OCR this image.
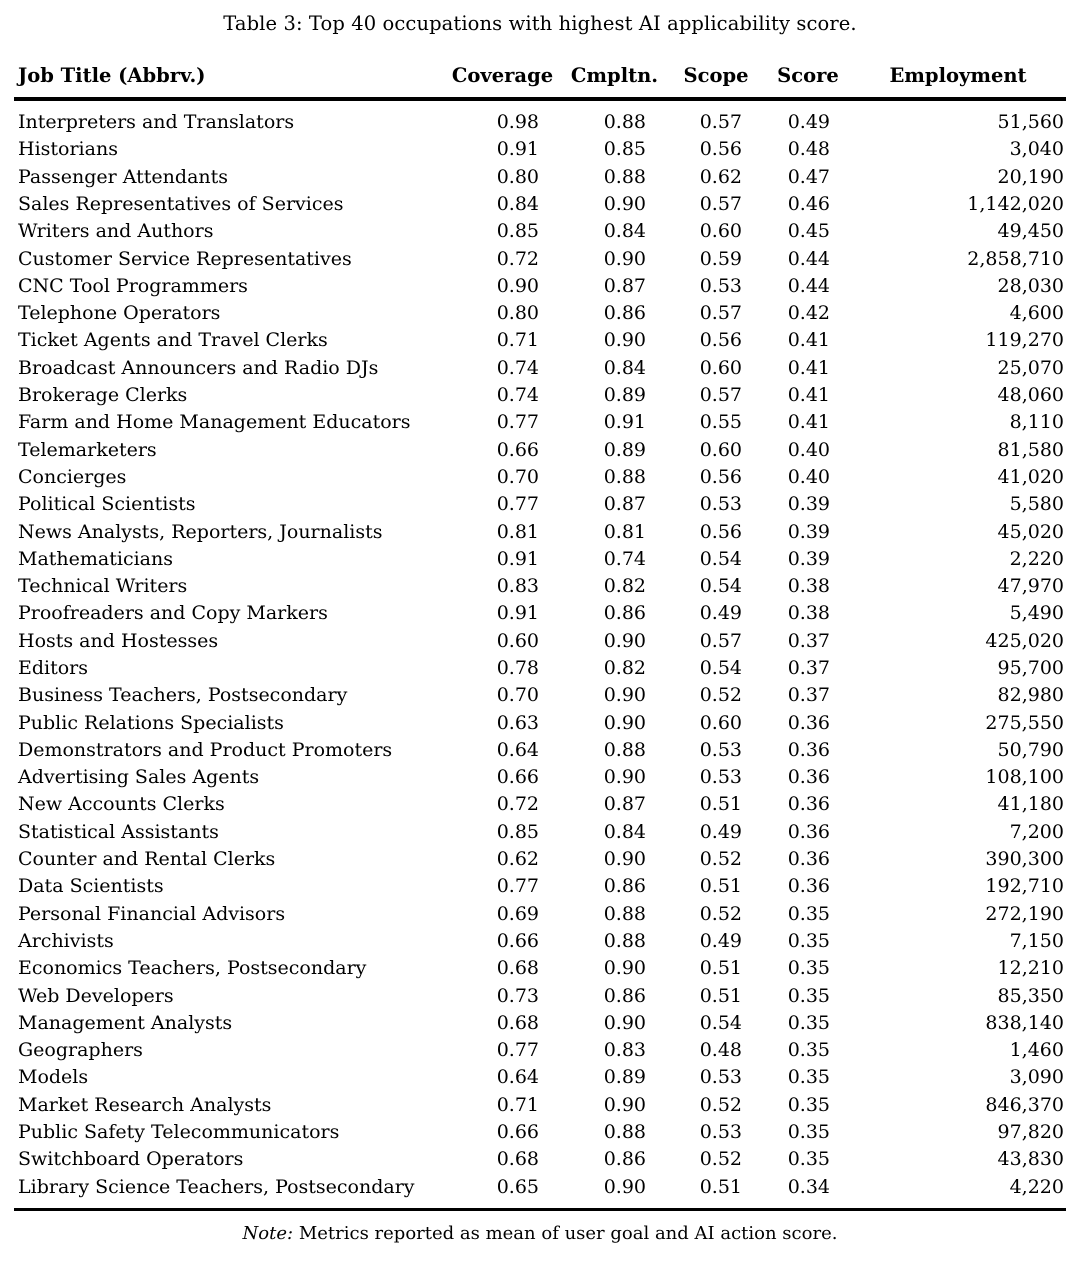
Table 3: Top 40 occupations with highest AI applicability score.

Job Title (Abbrv.)	Coverage	Cmpltn.	Scope	Score	Employment

Interpreters and Translators	0.98	0.88	0.57	0.49	51,560
Historians	0.91	0.85	0.56	0.48	3,040
Passenger Attendants	0.80	0.88	0.62	0.47	20,190
Sales Representatives of Services	0.84	0.90	0.57	0.46	1,142,020
Writers and Authors	0.85	0.84	0.60	0.45	49,450
Customer Service Representatives	0.72	0.90	0.59	0.44	2,858,710
CNC Tool Programmers	0.90	0.87	0.53	0.44	28,030
Telephone Operators	0.80	0.86	0.57	0.42	4,600
Ticket Agents and Travel Clerks	0.71	0.90	0.56	0.41	119,270
Broadcast Announcers and Radio DJs	0.74	0.84	0.60	0.41	25,070
Brokerage Clerks	0.74	0.89	0.57	0.41	48,060
Farm and Home Management Educators	0.77	0.91	0.55	0.41	8,110
Telemarketers	0.66	0.89	0.60	0.40	81,580
Concierges	0.70	0.88	0.56	0.40	41,020
Political Scientists	0.77	0.87	0.53	0.39	5,580
News Analysts, Reporters, Journalists	0.81	0.81	0.56	0.39	45,020
Mathematicians	0.91	0.74	0.54	0.39	2,220
Technical Writers	0.83	0.82	0.54	0.38	47,970
Proofreaders and Copy Markers	0.91	0.86	0.49	0.38	5,490
Hosts and Hostesses	0.60	0.90	0.57	0.37	425,020
Editors	0.78	0.82	0.54	0.37	95,700
Business Teachers, Postsecondary	0.70	0.90	0.52	0.37	82,980
Public Relations Specialists	0.63	0.90	0.60	0.36	275,550
Demonstrators and Product Promoters	0.64	0.88	0.53	0.36	50,790
Advertising Sales Agents	0.66	0.90	0.53	0.36	108,100
New Accounts Clerks	0.72	0.87	0.51	0.36	41,180
Statistical Assistants	0.85	0.84	0.49	0.36	7,200
Counter and Rental Clerks	0.62	0.90	0.52	0.36	390,300
Data Scientists	0.77	0.86	0.51	0.36	192,710
Personal Financial Advisors	0.69	0.88	0.52	0.35	272,190
Archivists	0.66	0.88	0.49	0.35	7,150
Economics Teachers, Postsecondary	0.68	0.90	0.51	0.35	12,210
Web Developers	0.73	0.86	0.51	0.35	85,350
Management Analysts	0.68	0.90	0.54	0.35	838,140
Geographers	0.77	0.83	0.48	0.35	1,460
Models	0.64	0.89	0.53	0.35	3,090
Market Research Analysts	0.71	0.90	0.52	0.35	846,370
Public Safety Telecommunicators	0.66	0.88	0.53	0.35	97,820
Switchboard Operators	0.68	0.86	0.52	0.35	43,830
Library Science Teachers, Postsecondary	0.65	0.90	0.51	0.34	4,220

Note: Metrics reported as mean of user goal and AI action score.
